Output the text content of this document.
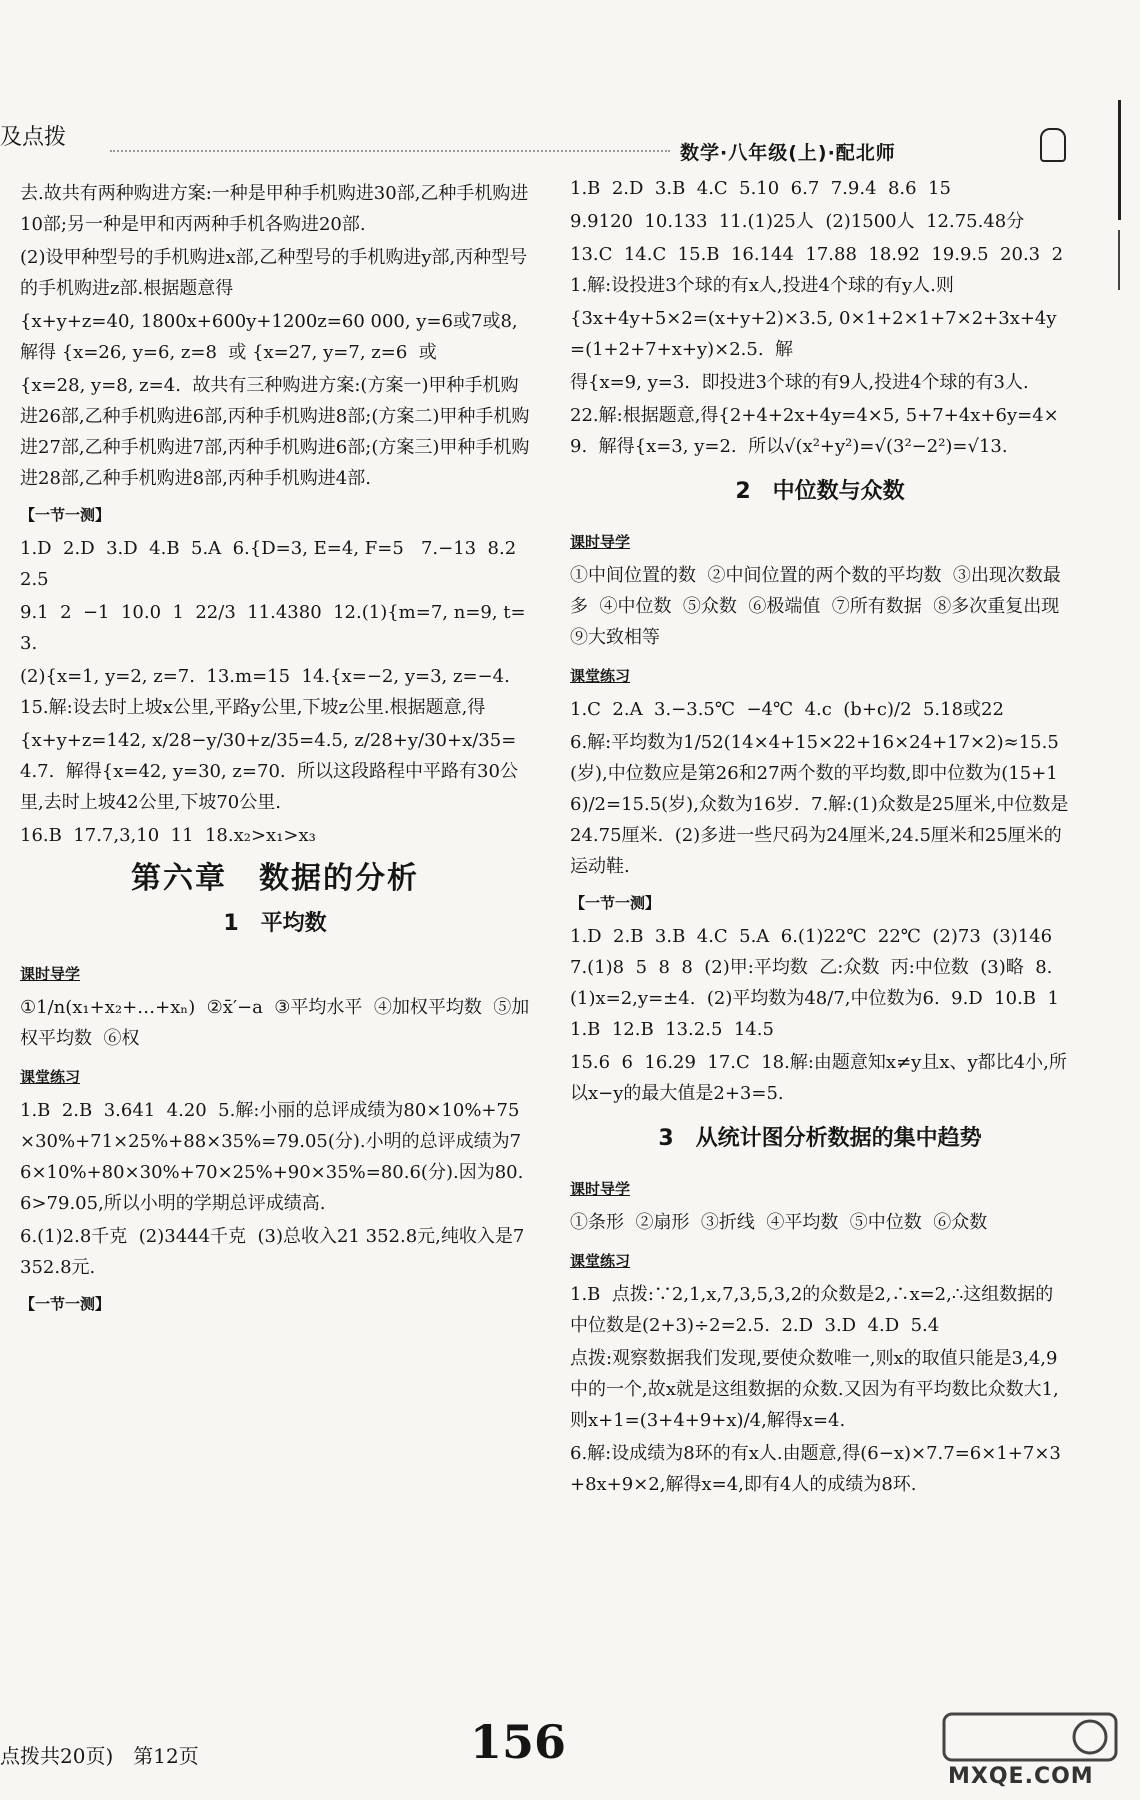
及点拨
数学·八年级(上)·配北师

去.故共有两种购进方案:一种是甲种手机购进30部,乙种手机购进10部;另一种是甲和丙两种手机各购进20部.

(2)设甲种型号的手机购进x部,乙种型号的手机购进y部,丙种型号的手机购进z部.根据题意得

{x+y+z=40, 1800x+600y+1200z=60 000, y=6或7或8,  解得 {x=26, y=6, z=8  或 {x=27, y=7, z=6  或

{x=28, y=8, z=4.  故共有三种购进方案:(方案一)甲种手机购进26部,乙种手机购进6部,丙种手机购进8部;(方案二)甲种手机购进27部,乙种手机购进7部,丙种手机购进6部;(方案三)甲种手机购进28部,乙种手机购进8部,丙种手机购进4部.

【一节一测】

1.D  2.D  3.D  4.B  5.A  6.{D=3, E=4, F=5   7.−13  8.22.5

9.1  2  −1  10.0  1  22/3  11.4380  12.(1){m=7, n=9, t=3.

(2){x=1, y=2, z=7.  13.m=15  14.{x=−2, y=3, z=−4.  15.解:设去时上坡x公里,平路y公里,下坡z公里.根据题意,得

{x+y+z=142, x/28−y/30+z/35=4.5, z/28+y/30+x/35=4.7.  解得{x=42, y=30, z=70.  所以这段路程中平路有30公里,去时上坡42公里,下坡70公里.

16.B  17.7,3,10  11  18.x₂>x₁>x₃

第六章　数据的分析
1　平均数
课时导学

①1/n(x₁+x₂+…+xₙ)  ②x̄′−a  ③平均水平  ④加权平均数  ⑤加权平均数  ⑥权

课堂练习

1.B  2.B  3.641  4.20  5.解:小丽的总评成绩为80×10%+75×30%+71×25%+88×35%=79.05(分).小明的总评成绩为76×10%+80×30%+70×25%+90×35%=80.6(分).因为80.6>79.05,所以小明的学期总评成绩高.

6.(1)2.8千克  (2)3444千克  (3)总收入21 352.8元,纯收入是7352.8元.

【一节一测】

1.B  2.D  3.B  4.C  5.10  6.7  7.9.4  8.6  15

9.9120  10.133  11.(1)25人  (2)1500人  12.75.48分

13.C  14.C  15.B  16.144  17.88  18.92  19.9.5  20.3  21.解:设投进3个球的有x人,投进4个球的有y人.则

{3x+4y+5×2=(x+y+2)×3.5, 0×1+2×1+7×2+3x+4y=(1+2+7+x+y)×2.5.  解

得{x=9, y=3.  即投进3个球的有9人,投进4个球的有3人.

22.解:根据题意,得{2+4+2x+4y=4×5, 5+7+4x+6y=4×9.  解得{x=3, y=2.  所以√(x²+y²)=√(3²−2²)=√13.

2　中位数与众数
课时导学

①中间位置的数  ②中间位置的两个数的平均数  ③出现次数最多  ④中位数  ⑤众数  ⑥极端值  ⑦所有数据  ⑧多次重复出现  ⑨大致相等

课堂练习

1.C  2.A  3.−3.5℃  −4℃  4.c  (b+c)/2  5.18或22

6.解:平均数为1/52(14×4+15×22+16×24+17×2)≈15.5(岁),中位数应是第26和27两个数的平均数,即中位数为(15+16)/2=15.5(岁),众数为16岁.  7.解:(1)众数是25厘米,中位数是24.75厘米.  (2)多进一些尺码为24厘米,24.5厘米和25厘米的运动鞋.

【一节一测】

1.D  2.B  3.B  4.C  5.A  6.(1)22℃  22℃  (2)73  (3)146  7.(1)8  5  8  8  (2)甲:平均数  乙:众数  丙:中位数  (3)略  8.(1)x=2,y=±4.  (2)平均数为48/7,中位数为6.  9.D  10.B  11.B  12.B  13.2.5  14.5

15.6  6  16.29  17.C  18.解:由题意知x≠y且x、y都比4小,所以x−y的最大值是2+3=5.

3　从统计图分析数据的集中趋势
课时导学

①条形  ②扇形  ③折线  ④平均数  ⑤中位数  ⑥众数

课堂练习

1.B  点拨:∵2,1,x,7,3,5,3,2的众数是2,∴x=2,∴这组数据的中位数是(2+3)÷2=2.5.  2.D  3.D  4.D  5.4

点拨:观察数据我们发现,要使众数唯一,则x的取值只能是3,4,9中的一个,故x就是这组数据的众数.又因为有平均数比众数大1,则x+1=(3+4+9+x)/4,解得x=4.

6.解:设成绩为8环的有x人.由题意,得(6−x)×7.7=6×1+7×3+8x+9×2,解得x=4,即有4人的成绩为8环.

点拨共20页)　第12页	156
MXQE.COM
